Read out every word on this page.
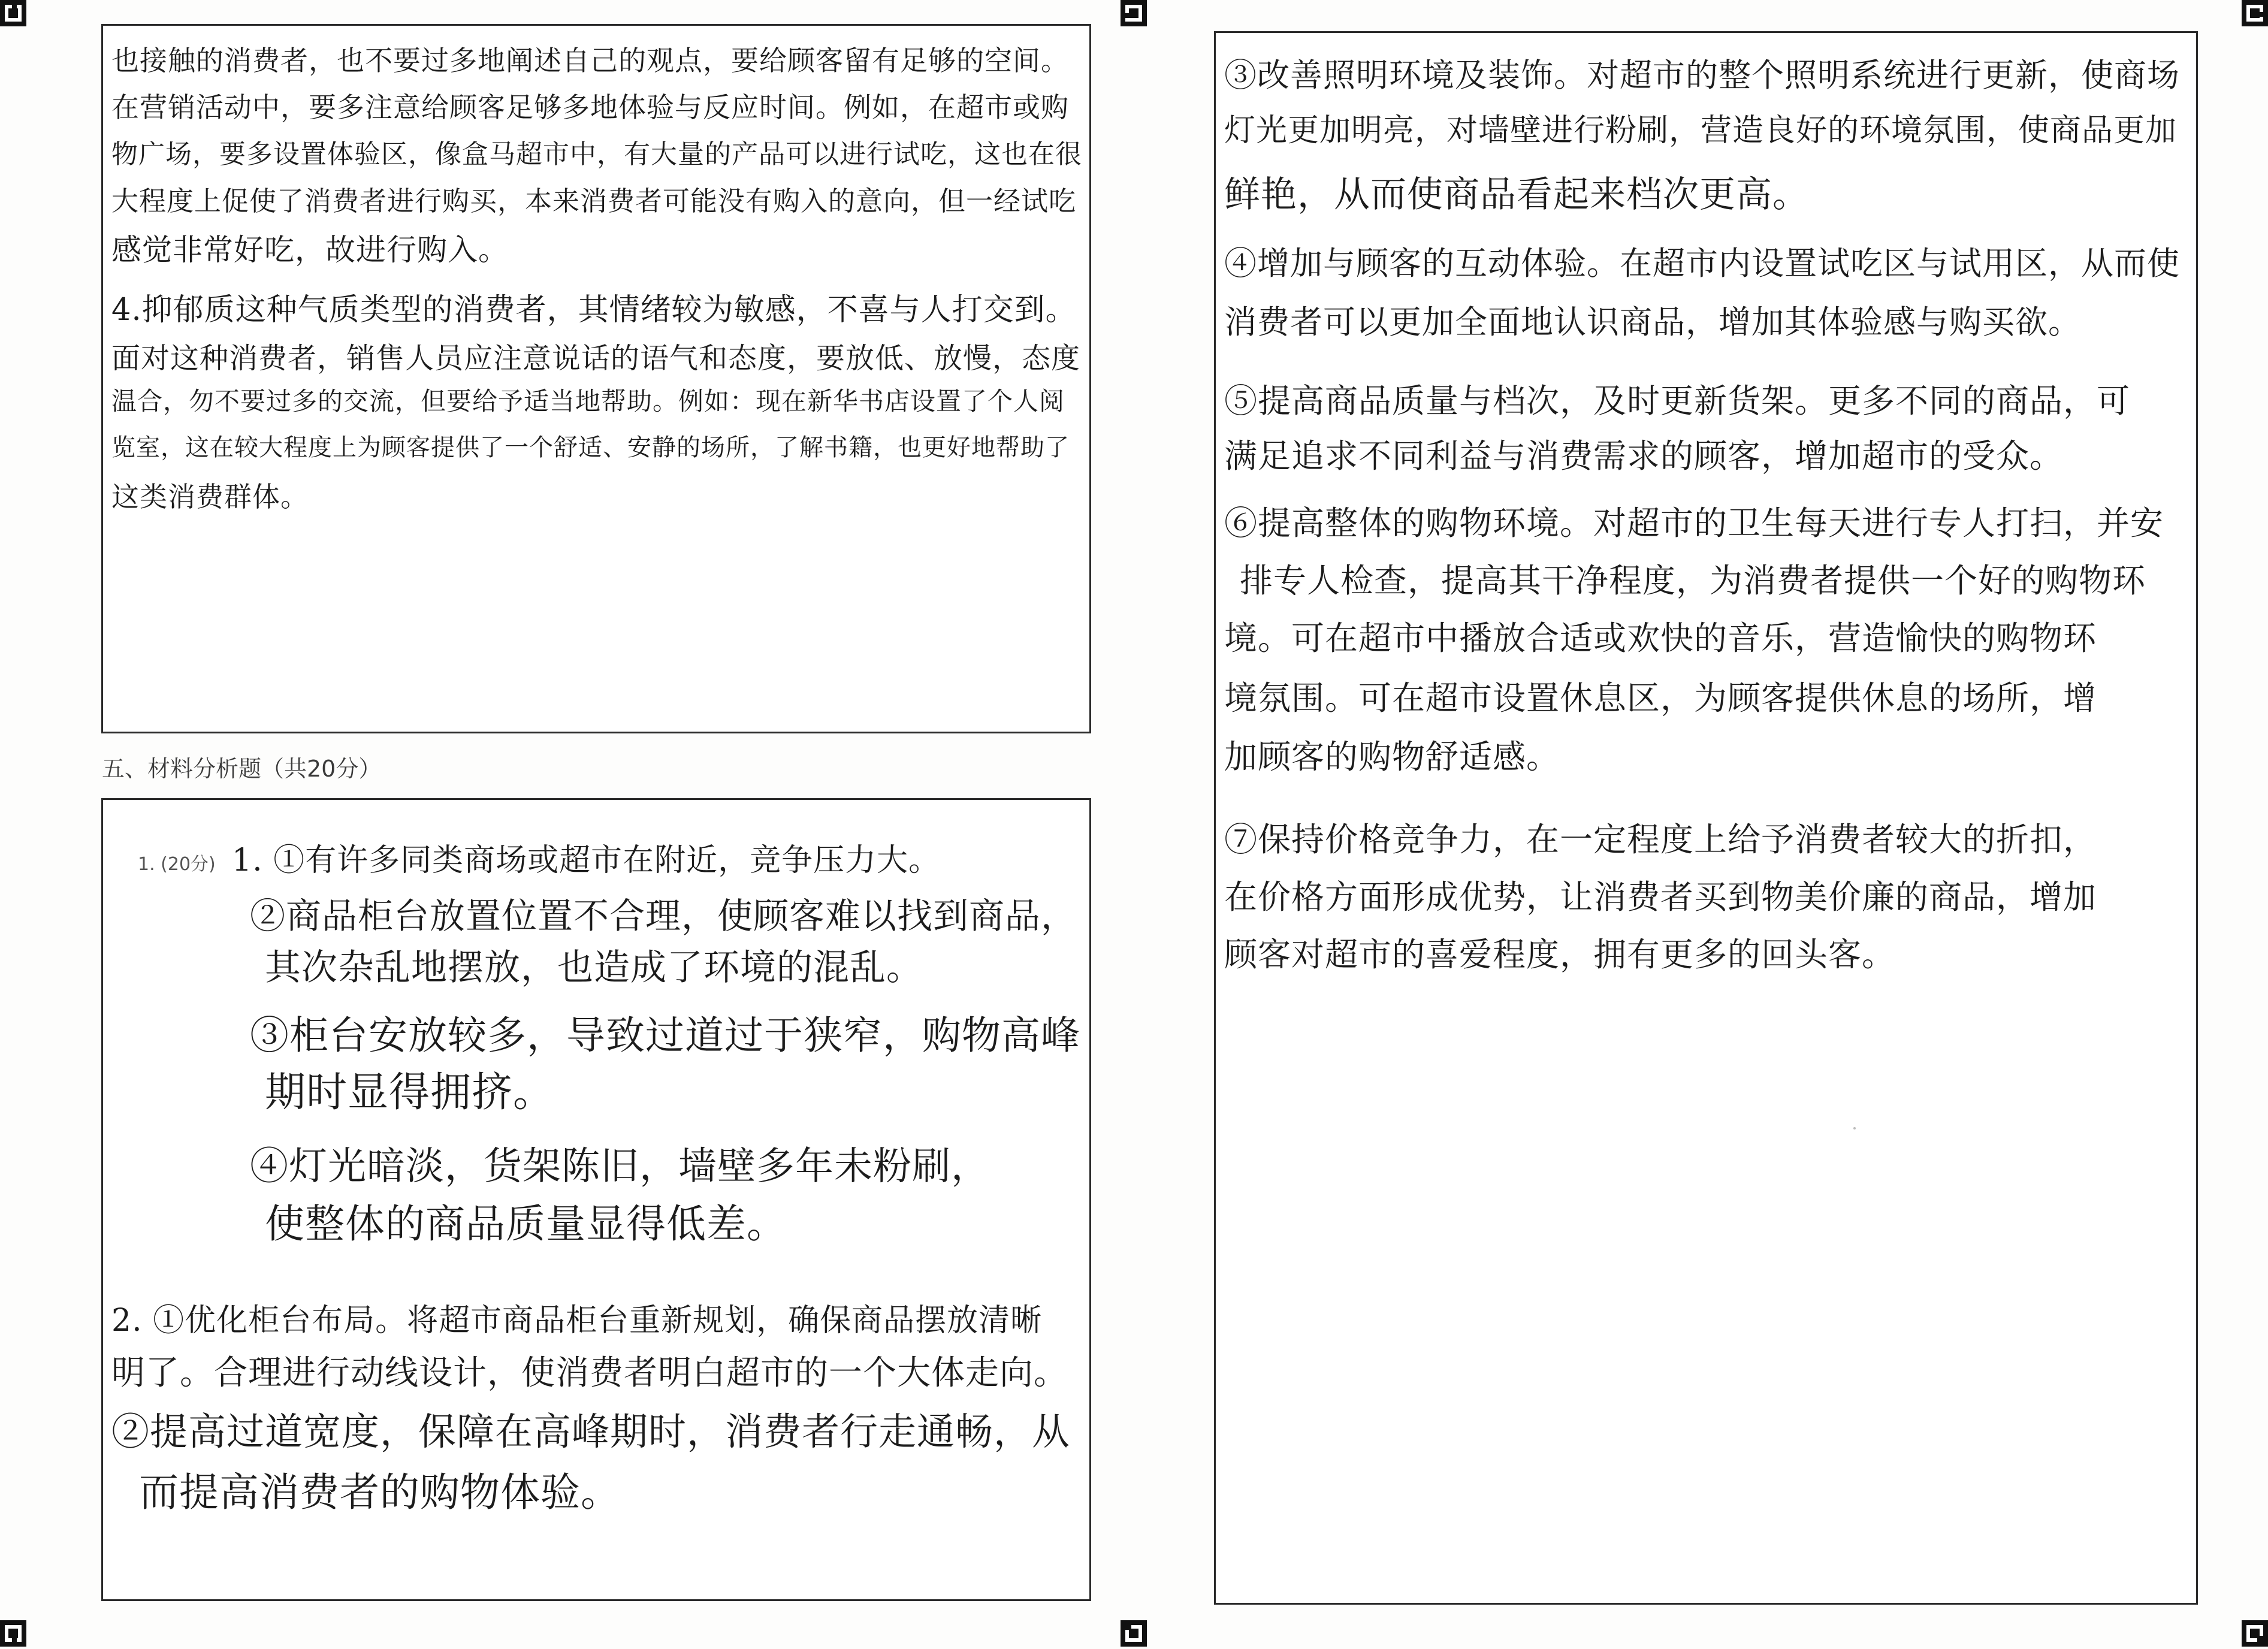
也接触的消费者，也不要过多地阐述自己的观点，要给顾客留有足够的空间。

在营销活动中，要多注意给顾客足够多地体验与反应时间。例如，在超市或购

物广场，要多设置体验区，像盒马超市中，有大量的产品可以进行试吃，这也在很

大程度上促使了消费者进行购买，本来消费者可能没有购入的意向，但一经试吃

感觉非常好吃，故进行购入。

4.抑郁质这种气质类型的消费者，其情绪较为敏感，不喜与人打交到。

面对这种消费者，销售人员应注意说话的语气和态度，要放低、放慢，态度

温合，勿不要过多的交流，但要给予适当地帮助。例如：现在新华书店设置了个人阅

览室，这在较大程度上为顾客提供了一个舒适、安静的场所，了解书籍，也更好地帮助了

这类消费群体。

五、材料分析题（共20分）

1. (20分) 1. ①有许多同类商场或超市在附近，竞争压力大。

②商品柜台放置位置不合理，使顾客难以找到商品，

其次杂乱地摆放，也造成了环境的混乱。

③柜台安放较多，导致过道过于狭窄，购物高峰

期时显得拥挤。

④灯光暗淡，货架陈旧，墙壁多年未粉刷，

使整体的商品质量显得低差。

2. ①优化柜台布局。将超市商品柜台重新规划，确保商品摆放清晰

明了。合理进行动线设计，使消费者明白超市的一个大体走向。

②提高过道宽度，保障在高峰期时，消费者行走通畅，从

而提高消费者的购物体验。

③改善照明环境及装饰。对超市的整个照明系统进行更新，使商场

灯光更加明亮，对墙壁进行粉刷，营造良好的环境氛围，使商品更加

鲜艳，从而使商品看起来档次更高。

④增加与顾客的互动体验。在超市内设置试吃区与试用区，从而使

消费者可以更加全面地认识商品，增加其体验感与购买欲。

⑤提高商品质量与档次，及时更新货架。更多不同的商品，可

满足追求不同利益与消费需求的顾客，增加超市的受众。

⑥提高整体的购物环境。对超市的卫生每天进行专人打扫，并安

排专人检查，提高其干净程度，为消费者提供一个好的购物环

境。可在超市中播放合适或欢快的音乐，营造愉快的购物环

境氛围。可在超市设置休息区，为顾客提供休息的场所，增

加顾客的购物舒适感。

⑦保持价格竞争力，在一定程度上给予消费者较大的折扣，

在价格方面形成优势，让消费者买到物美价廉的商品，增加

顾客对超市的喜爱程度，拥有更多的回头客。
